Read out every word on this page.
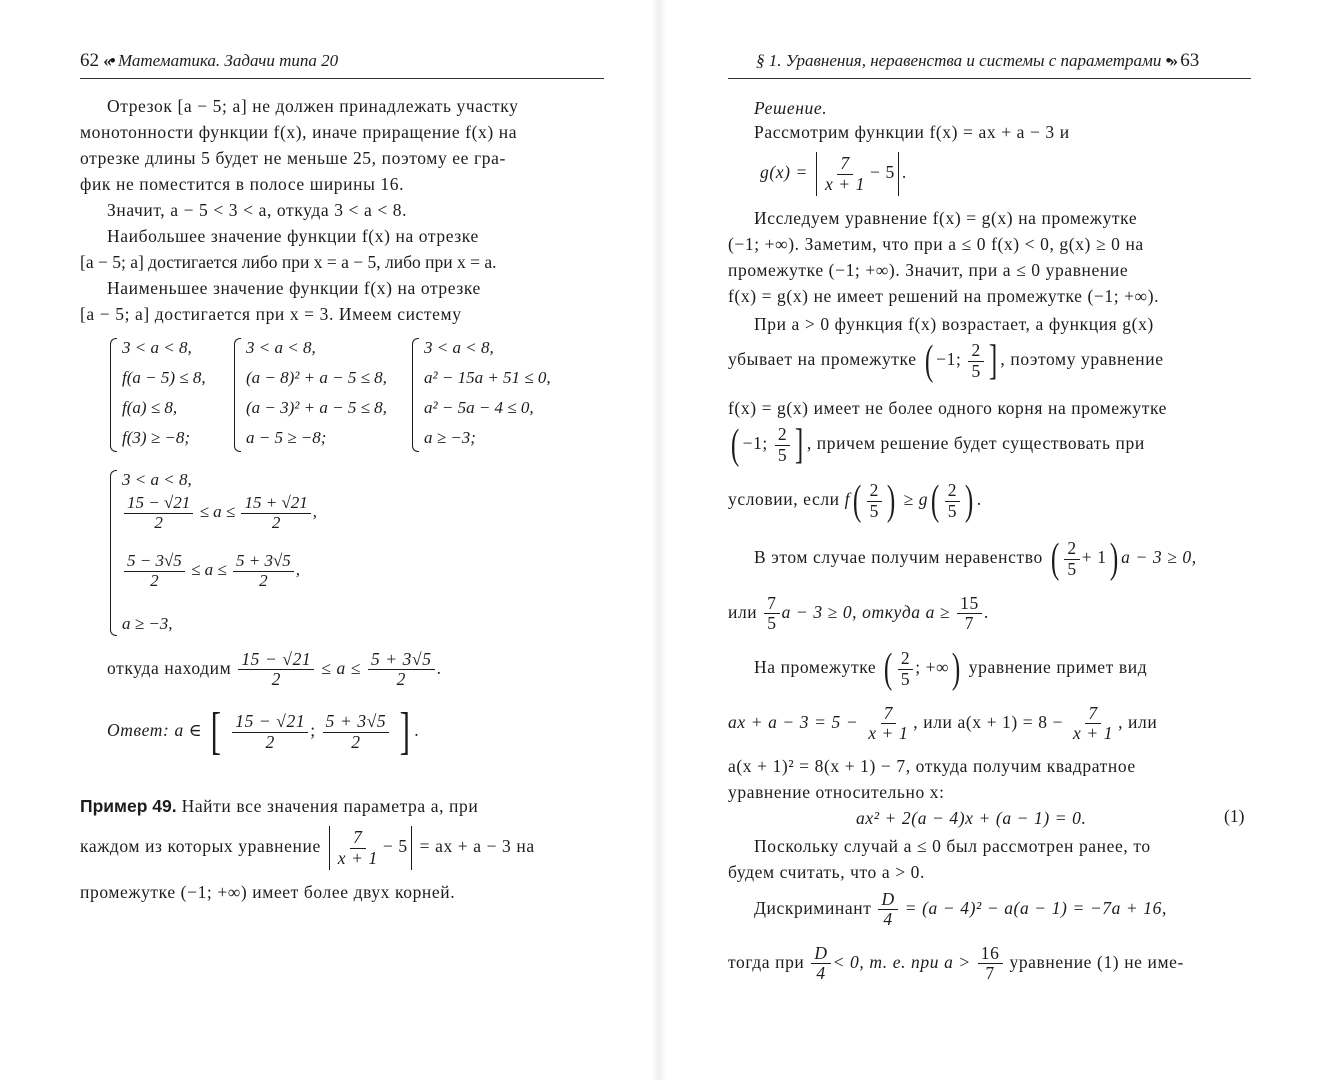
62 «• Математика. Задачи типа 20
Отрезок [a − 5; a] не должен принадлежать участку
монотонности функции f(x), иначе приращение f(x) на
отрезке длины 5 будет не меньше 25, поэтому ее гра-
фик не поместится в полосе ширины 16.
Значит, a − 5 < 3 < a, откуда 3 < a < 8.
Наибольшее значение функции f(x) на отрезке
[a − 5; a] достигается либо при x = a − 5, либо при x = a.
Наименьшее значение функции f(x) на отрезке
[a − 5; a] достигается при x = 3. Имеем систему
3 < a < 8,
f(a − 5) ≤ 8,
f(a) ≤ 8,
f(3) ≥ −8;
3 < a < 8,
(a − 8)² + a − 5 ≤ 8,
(a − 3)² + a − 5 ≤ 8,
a − 5 ≥ −8;
3 < a < 8,
a² − 15a + 51 ≤ 0,
a² − 5a − 4 ≤ 0,
a ≥ −3;
3 < a < 8,
$\frac{15 - √21}{2} \le a \le \frac{15 + √21}{2}$ ,
$\frac{5 - 3√5}{2} \le a \le \frac{5 + 3√5}{2}$ ,
a ≥ −3,
откуда находим $\frac{15 - √21}{2} \le a \le \frac{5 + 3√5}{2}$ .
Ответ: a ∈ [ $\frac{15 - √21}{2}$ ; $\frac{5 + 3√5}{2}$ ] .
Пример 49. Найти все значения параметра a, при
каждом из которых уравнение $\frac{7}{x + 1} - 5$ = ax + a − 3 на
промежутке (−1; +∞) имеет более двух корней.
§ 1. Уравнения, неравенства и системы с параметрами •» 63
Решение.
Рассмотрим функции f(x) = ax + a − 3 и
$g(x) = \frac{7}{x + 1} - 5$ .
Исследуем уравнение f(x) = g(x) на промежутке
(−1; +∞). Заметим, что при a ≤ 0 f(x) < 0, g(x) ≥ 0 на
промежутке (−1; +∞). Значит, при a ≤ 0 уравнение
f(x) = g(x) не имеет решений на промежутке (−1; +∞).
При a > 0 функция f(x) возрастает, а функция g(x)
убывает на промежутке ( −1; $\frac{2}{5}$ ] , поэтому уравнение
f(x) = g(x) имеет не более одного корня на промежутке
( −1; $\frac{2}{5}$ ] , причем решение будет существовать при
условии, если $f( \frac{2}{5}$ ) ≥ $g( \frac{2}{5}$ ) .
В этом случае получим неравенство ( $\frac{2}{5} + 1$) a − 3 ≥ 0,
или $\frac{7}{5}$ a − 3 ≥ 0, откуда $a \ge \frac{15}{7}$ .
На промежутке ( $\frac{2}{5}$ ; +∞) уравнение примет вид
ax + $a - 3 = 5 - \frac{7}{x + 1}$ , или $a(x + 1) = 8 - \frac{7}{x + 1}$ , или
a(x + 1)² = 8(x + 1) − 7, откуда получим квадратное
уравнение относительно x:
ax² + 2(a − 4)x + (a − 1) = 0.	(1)
Поскольку случай a ≤ 0 был рассмотрен ранее, то
будем считать, что a > 0.
Дискриминант $\frac{D}{4} = (a - 4)^2 - a(a - 1) = -7a + 16$,
тогда при $\frac{D}{4} < 0$, т. е. при $a > \frac{16}{7}$ уравнение (1) не име-
